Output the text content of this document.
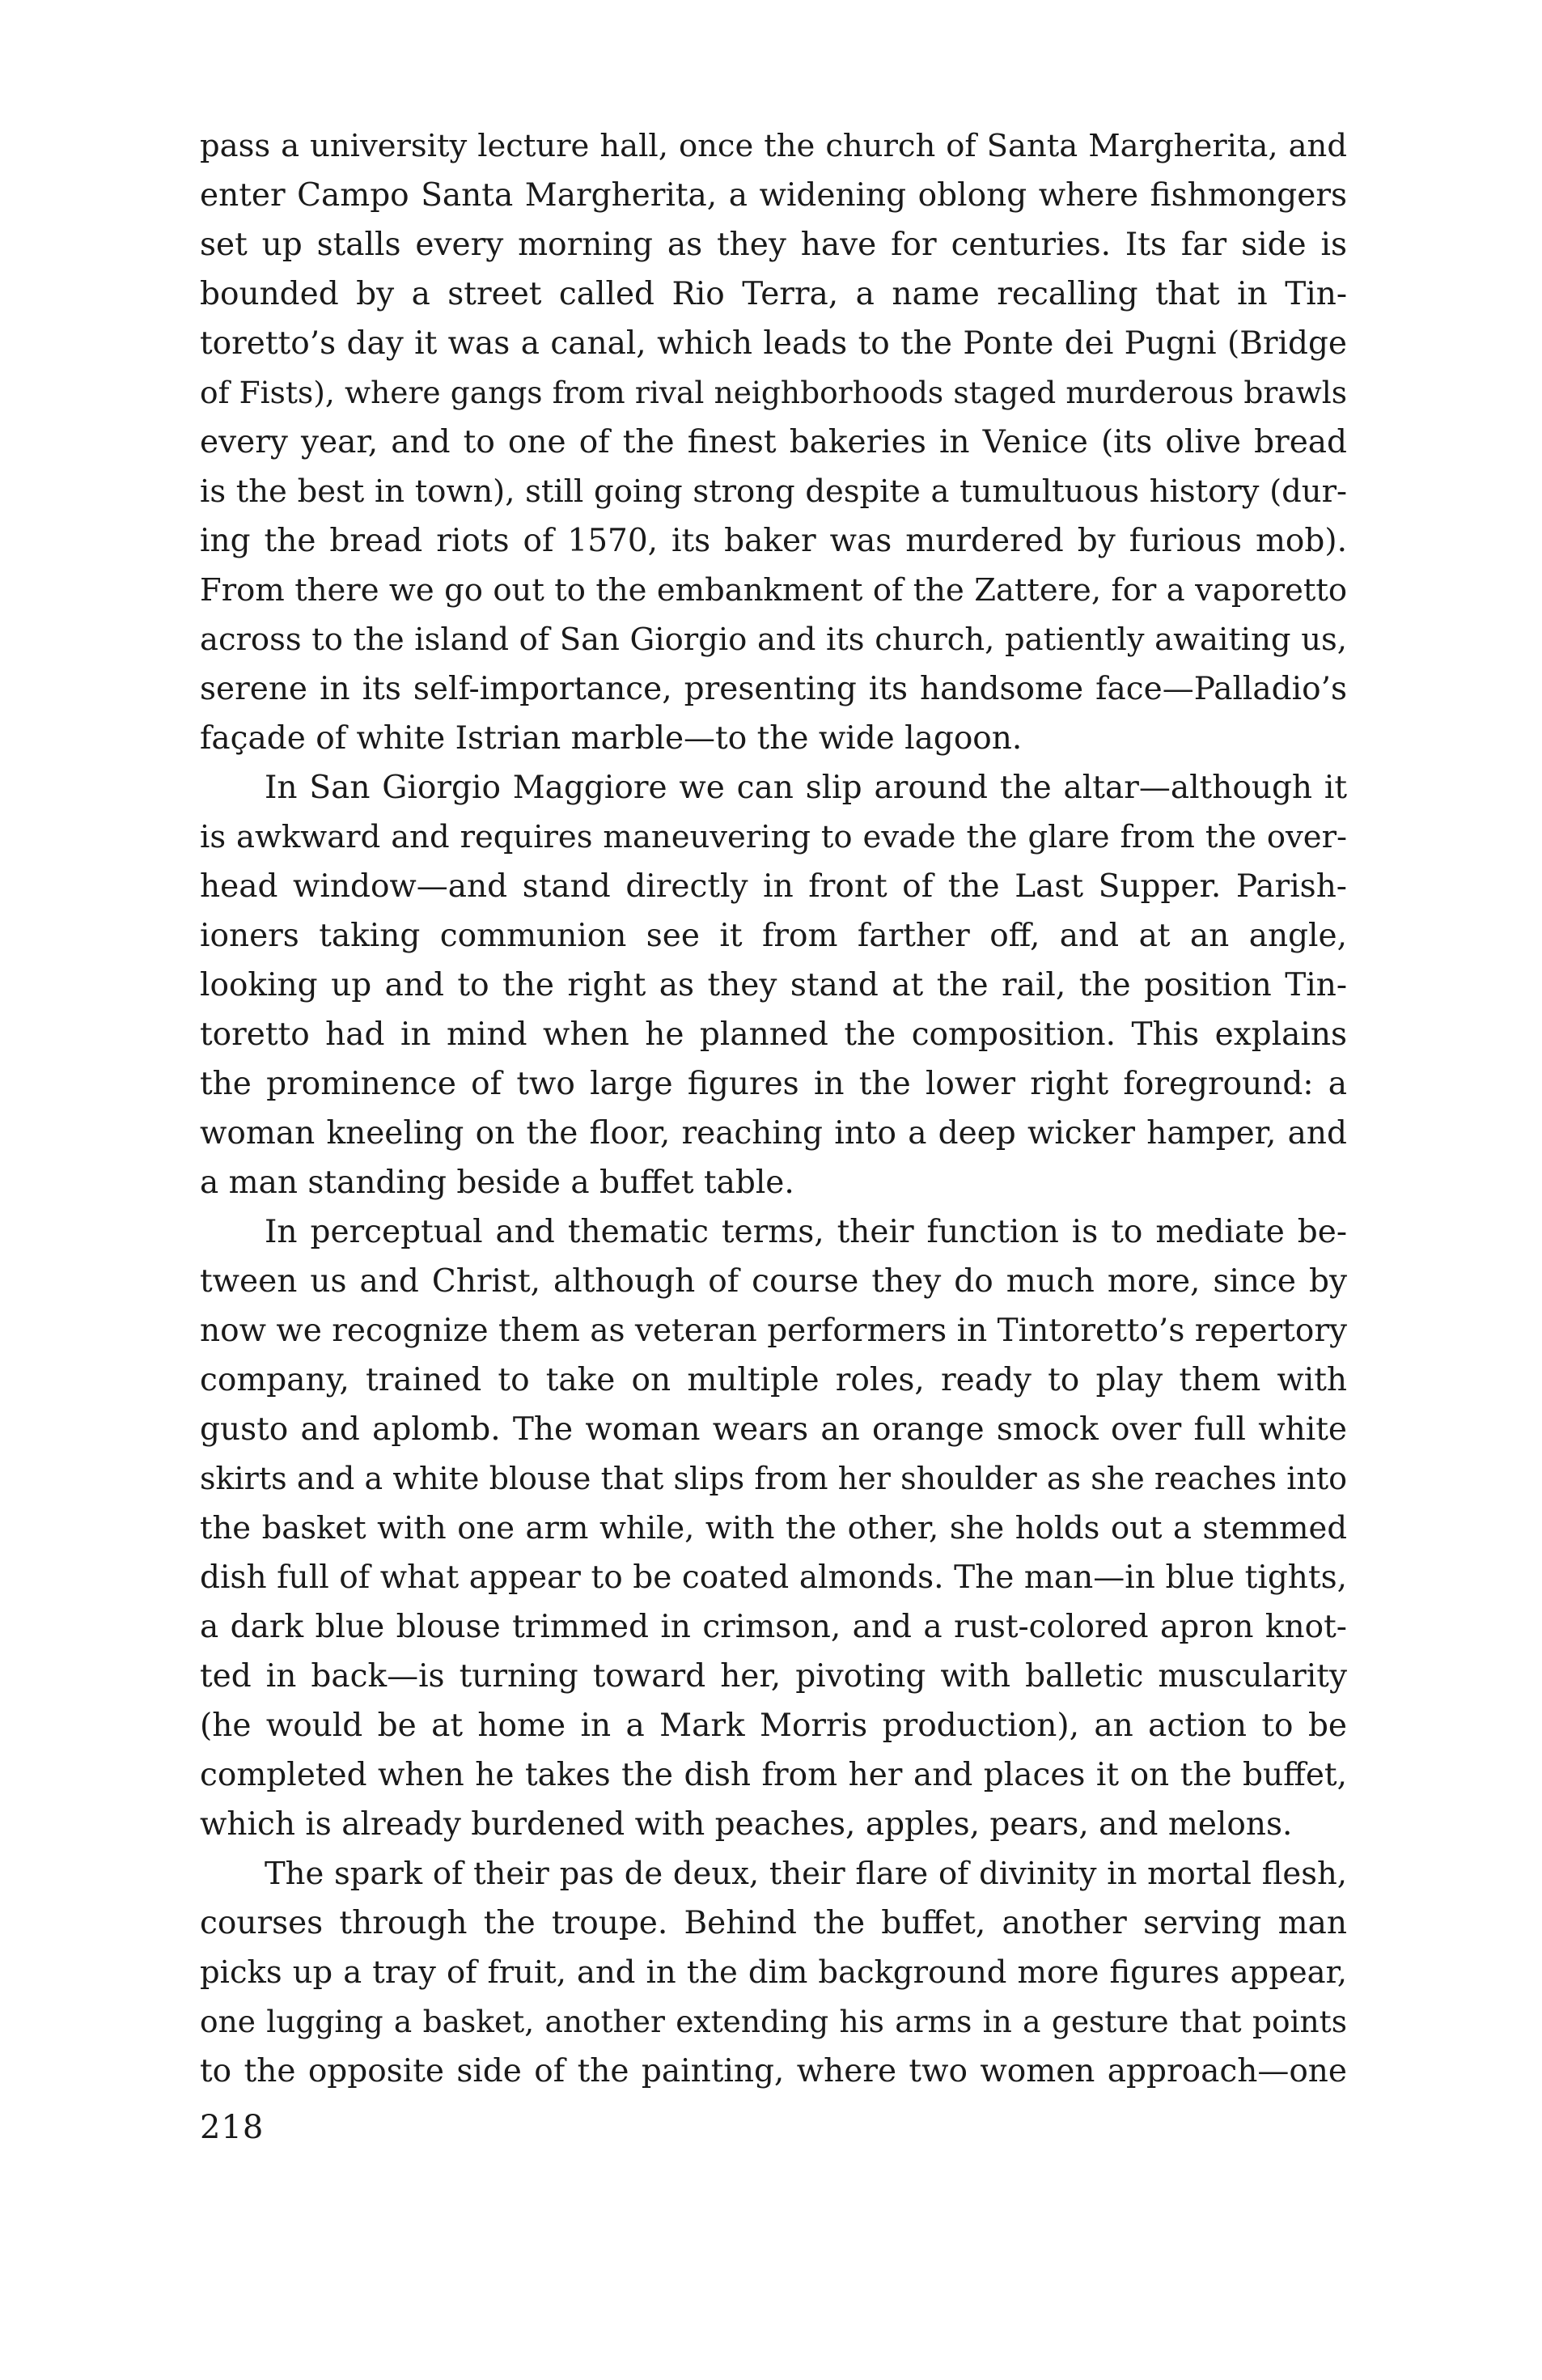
pass a university lecture hall, once the church of Santa Margherita, and
enter Campo Santa Margherita, a widening oblong where fishmongers
set up stalls every morning as they have for centuries. Its far side is
bounded by a street called Rio Terra, a name recalling that in Tin-
toretto’s day it was a canal, which leads to the Ponte dei Pugni (Bridge
of Fists), where gangs from rival neighborhoods staged murderous brawls
every year, and to one of the finest bakeries in Venice (its olive bread
is the best in town), still going strong despite a tumultuous history (dur-
ing the bread riots of 1570, its baker was murdered by furious mob).
From there we go out to the embankment of the Zattere, for a vaporetto
across to the island of San Giorgio and its church, patiently awaiting us,
serene in its self-importance, presenting its handsome face—Palladio’s
façade of white Istrian marble—to the wide lagoon.
In San Giorgio Maggiore we can slip around the altar—although it
is awkward and requires maneuvering to evade the glare from the over-
head window—and stand directly in front of the Last Supper. Parish-
ioners taking communion see it from farther off, and at an angle,
looking up and to the right as they stand at the rail, the position Tin-
toretto had in mind when he planned the composition. This explains
the prominence of two large figures in the lower right foreground: a
woman kneeling on the floor, reaching into a deep wicker hamper, and
a man standing beside a buffet table.
In perceptual and thematic terms, their function is to mediate be-
tween us and Christ, although of course they do much more, since by
now we recognize them as veteran performers in Tintoretto’s repertory
company, trained to take on multiple roles, ready to play them with
gusto and aplomb. The woman wears an orange smock over full white
skirts and a white blouse that slips from her shoulder as she reaches into
the basket with one arm while, with the other, she holds out a stemmed
dish full of what appear to be coated almonds. The man—in blue tights,
a dark blue blouse trimmed in crimson, and a rust-colored apron knot-
ted in back—is turning toward her, pivoting with balletic muscularity
(he would be at home in a Mark Morris production), an action to be
completed when he takes the dish from her and places it on the buffet,
which is already burdened with peaches, apples, pears, and melons.
The spark of their pas de deux, their flare of divinity in mortal flesh,
courses through the troupe. Behind the buffet, another serving man
picks up a tray of fruit, and in the dim background more figures appear,
one lugging a basket, another extending his arms in a gesture that points
to the opposite side of the painting, where two women approach—one
218
